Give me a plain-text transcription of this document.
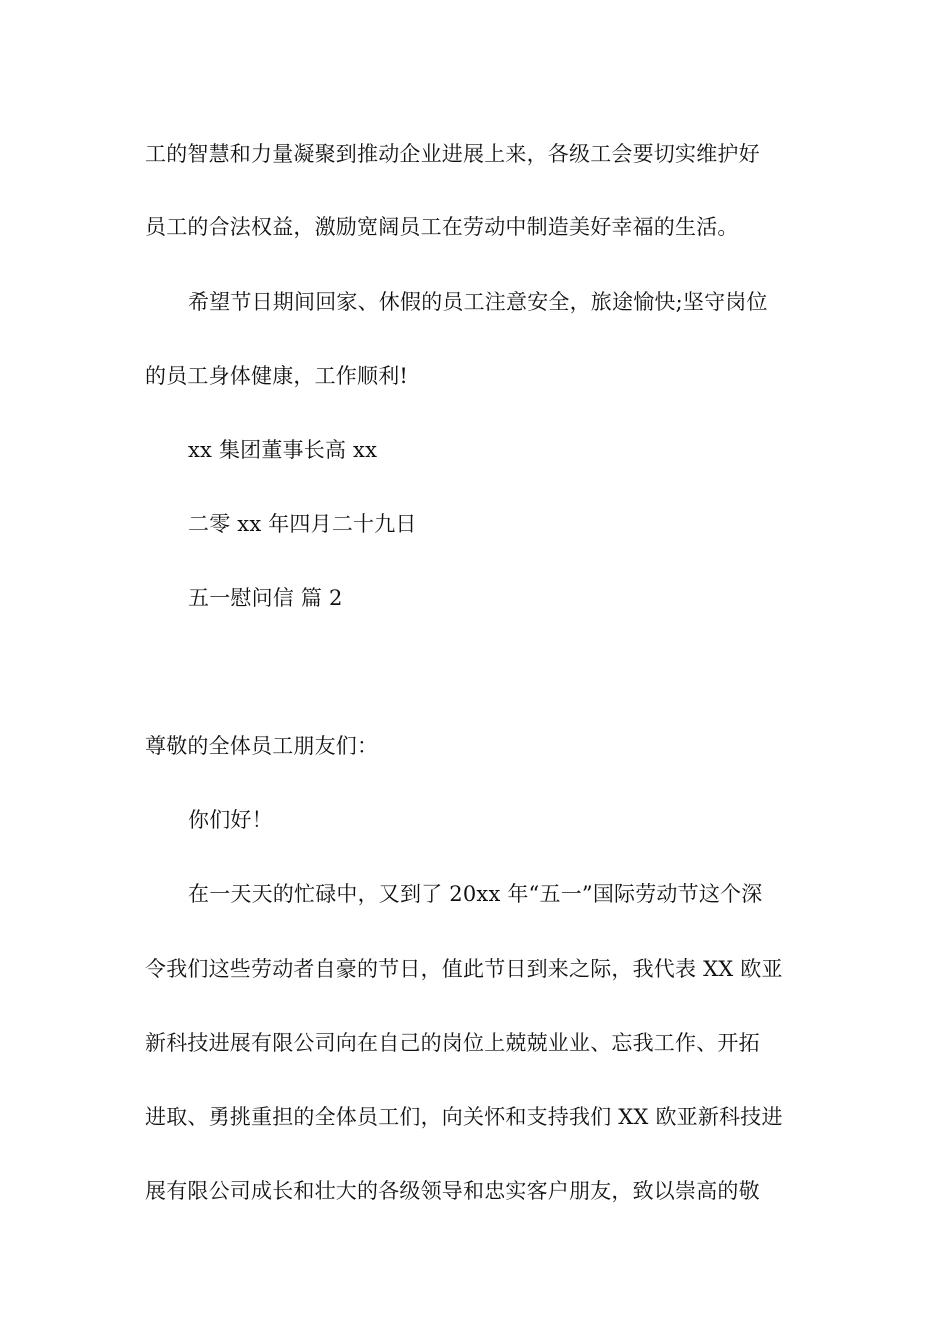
工的智慧和力量凝聚到推动企业进展上来，各级工会要切实维护好
员工的合法权益，激励宽阔员工在劳动中制造美好幸福的生活。
希望节日期间回家、休假的员工注意安全，旅途愉快;坚守岗位
的员工身体健康，工作顺利!
xx 集团董事长高 xx
二零 xx 年四月二十九日
五一慰问信 篇 2
尊敬的全体员工朋友们：
你们好！
在一天天的忙碌中，又到了 20xx 年“五一”国际劳动节这个深
令我们这些劳动者自豪的节日，值此节日到来之际，我代表 XX 欧亚
新科技进展有限公司向在自己的岗位上兢兢业业、忘我工作、开拓
进取、勇挑重担的全体员工们，向关怀和支持我们 XX 欧亚新科技进
展有限公司成长和壮大的各级领导和忠实客户朋友，致以崇高的敬
